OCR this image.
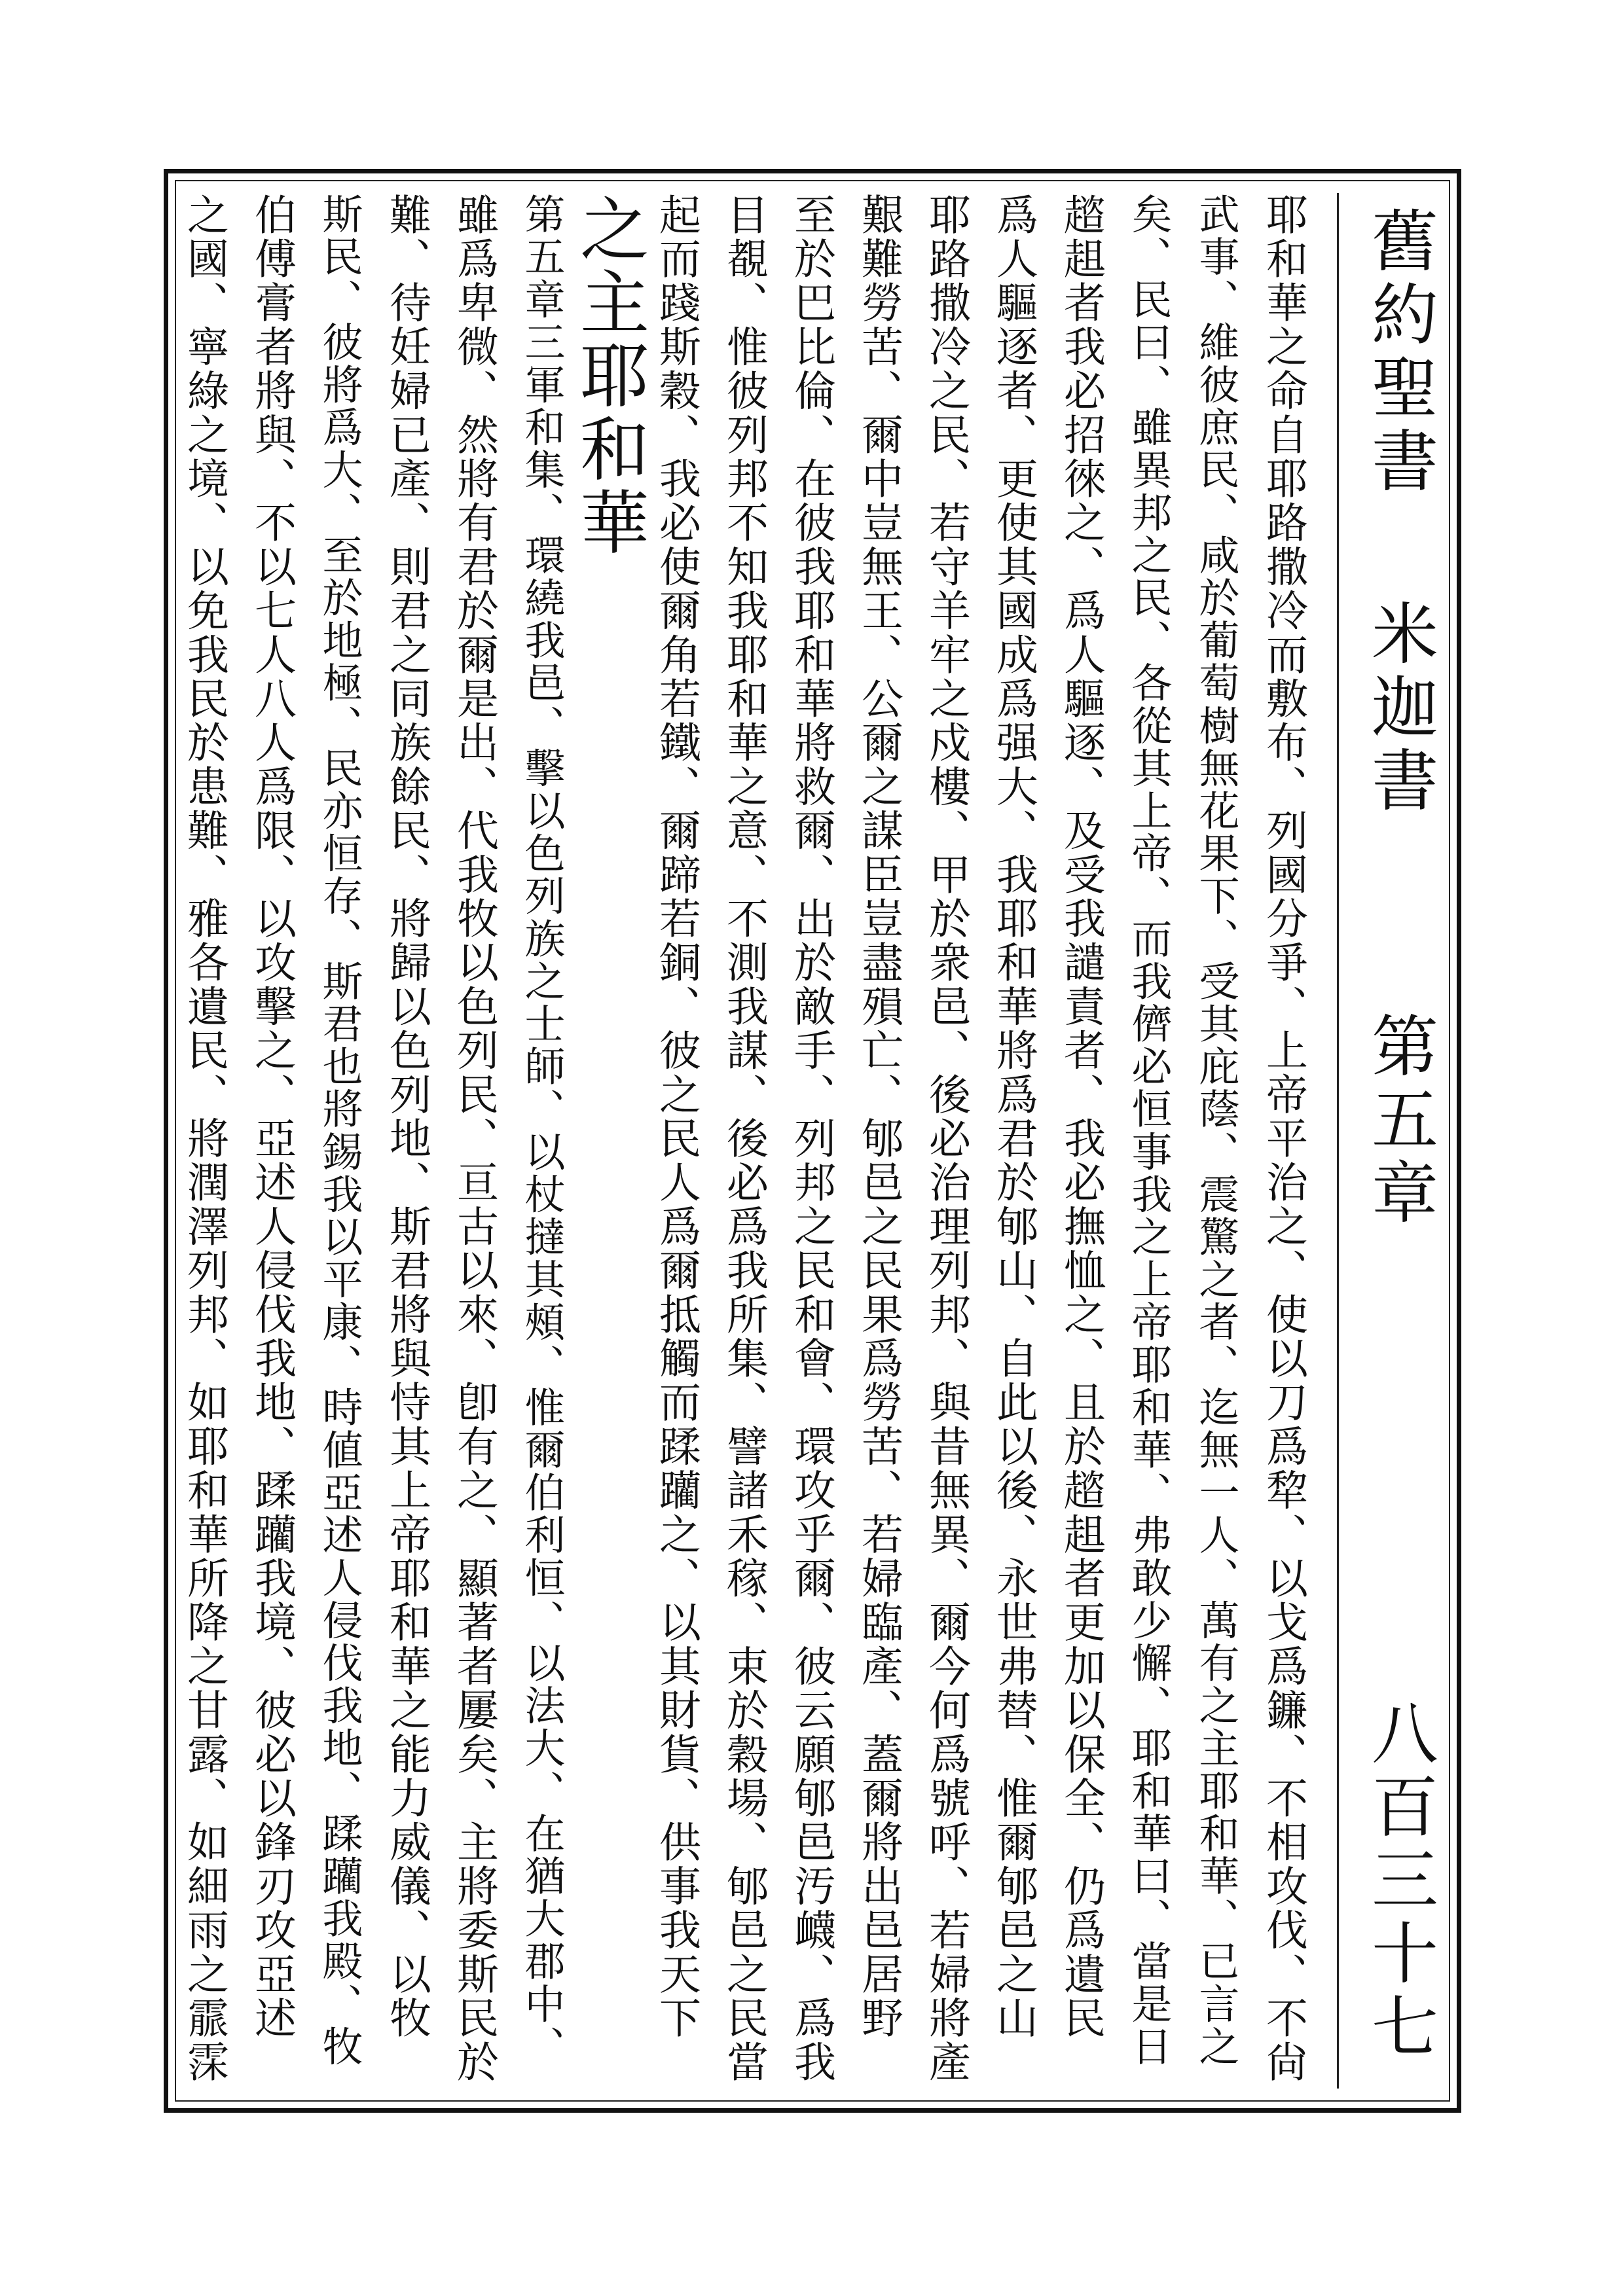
舊約聖書
米迦書
第五章
八百三十七
耶和華之命自耶路撒冷而敷布、列國分爭、上帝平治之、使以刀爲犂、以戈爲鐮、不相攻伐、不尙
武事、維彼庶民、咸於葡萄樹無花果下、受其庇蔭、震驚之者、迄無一人、萬有之主耶和華、已言之
矣、民曰、雖異邦之民、各從其上帝、而我儕必恒事我之上帝耶和華、弗敢少懈、耶和華曰、當是日
趦趄者我必招徠之、爲人驅逐、及受我譴責者、我必撫恤之、且於趦趄者更加以保全、仍爲遺民
爲人驅逐者、更使其國成爲强大、我耶和華將爲君於郇山、自此以後、永世弗替、惟爾郇邑之山
耶路撒冷之民、若守羊牢之戍樓、甲於衆邑、後必治理列邦、與昔無異、爾今何爲號呼、若婦將產
艱難勞苦、爾中豈無王、公爾之謀臣豈盡殞亡、郇邑之民果爲勞苦、若婦臨產、蓋爾將出邑居野
至於巴比倫、在彼我耶和華將救爾、出於敵手、列邦之民和會、環攻乎爾、彼云願郇邑汚衊、爲我
目覩、惟彼列邦不知我耶和華之意、不測我謀、後必爲我所集、譬諸禾稼、束於穀場、郇邑之民當
起而踐斯穀、我必使爾角若鐵、爾蹄若銅、彼之民人爲爾抵觸而蹂躪之、以其財貨、供事我天下
之主耶和華
第五章三軍和集、環繞我邑、擊以色列族之士師、以杖撻其頰、惟爾伯利恒、以法大、在猶大郡中、
雖爲卑微、然將有君於爾是出、代我牧以色列民、亘古以來、卽有之、顯著者屢矣、主將委斯民於
難、待妊婦已產、則君之同族餘民、將歸以色列地、斯君將與恃其上帝耶和華之能力威儀、以牧
斯民、彼將爲大、至於地極、民亦恒存、斯君也將錫我以平康、時値亞述人侵伐我地、蹂躪我殿、牧
伯傅膏者將與、不以七人八人爲限、以攻擊之、亞述人侵伐我地、蹂躪我境、彼必以鋒刃攻亞述
之國、寧綠之境、以免我民於患難、雅各遺民、將潤澤列邦、如耶和華所降之甘露、如細雨之霢霂
